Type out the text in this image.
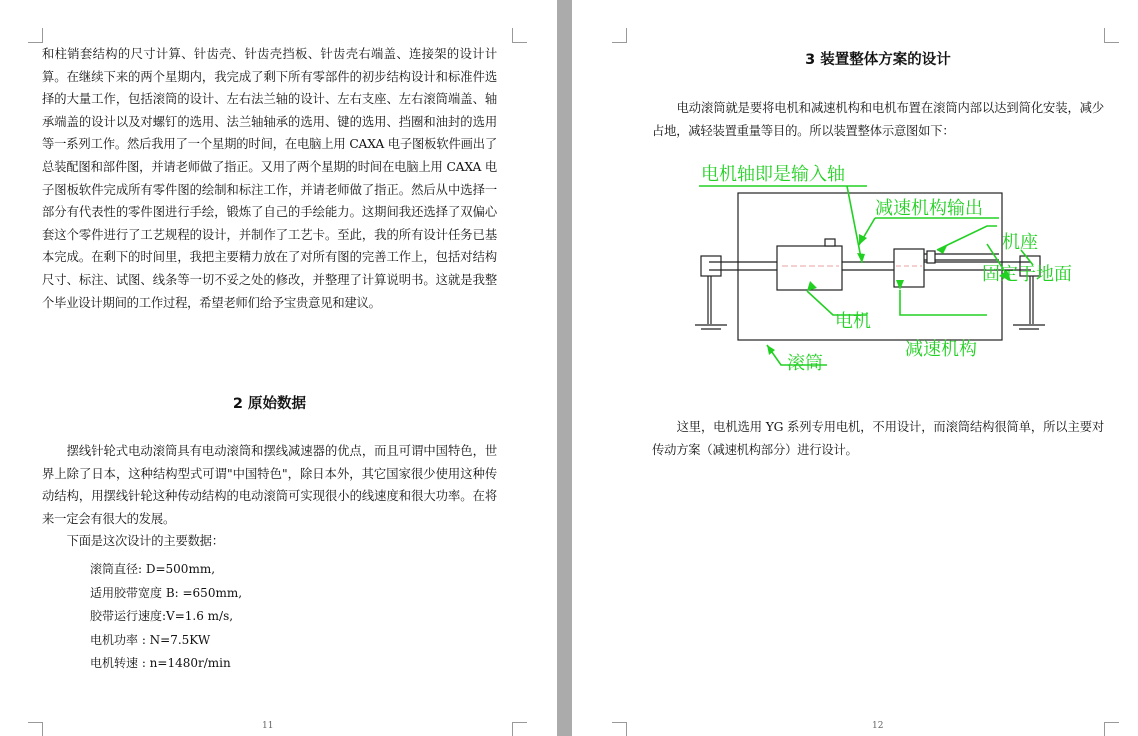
和柱销套结构的尺寸计算、针齿壳、针齿壳挡板、针齿壳右端盖、连接架的设计计算。在继续下来的两个星期内，我完成了剩下所有零部件的初步结构设计和标准件选择的大量工作，包括滚筒的设计、左右法兰轴的设计、左右支座、左右滚筒端盖、轴承端盖的设计以及对螺钉的选用、法兰轴轴承的选用、键的选用、挡圈和油封的选用等一系列工作。然后我用了一个星期的时间，在电脑上用 CAXA 电子图板软件画出了总装配图和部件图，并请老师做了指正。又用了两个星期的时间在电脑上用 CAXA 电子图板软件完成所有零件图的绘制和标注工作，并请老师做了指正。然后从中选择一部分有代表性的零件图进行手绘，锻炼了自己的手绘能力。这期间我还选择了双偏心套这个零件进行了工艺规程的设计，并制作了工艺卡。至此，我的所有设计任务已基本完成。在剩下的时间里，我把主要精力放在了对所有图的完善工作上，包括对结构尺寸、标注、试图、线条等一切不妥之处的修改，并整理了计算说明书。这就是我整个毕业设计期间的工作过程，希望老师们给予宝贵意见和建议。

2 原始数据

摆线针轮式电动滚筒具有电动滚筒和摆线减速器的优点，而且可谓中国特色，世界上除了日本，这种结构型式可谓"中国特色"，除日本外，其它国家很少使用这种传动结构，用摆线针轮这种传动结构的电动滚筒可实现很小的线速度和很大功率。在将来一定会有很大的发展。

下面是这次设计的主要数据：

滚筒直径: D=500mm,
适用胶带宽度 B: =650mm,
胶带运行速度:V=1.6 m/s,
电机功率 : N=7.5KW
电机转速 : n=1480r/min
11
3 装置整体方案的设计

电动滚筒就是要将电机和减速机构和电机布置在滚筒内部以达到简化安装，减少占地，减轻装置重量等目的。所以装置整体示意图如下：

电机轴即是输入轴
减速机构输出
机座
固定于地面
电机
减速机构
滚筒

这里，电机选用 YG 系列专用电机，不用设计，而滚筒结构很简单，所以主要对传动方案（减速机构部分）进行设计。

12
